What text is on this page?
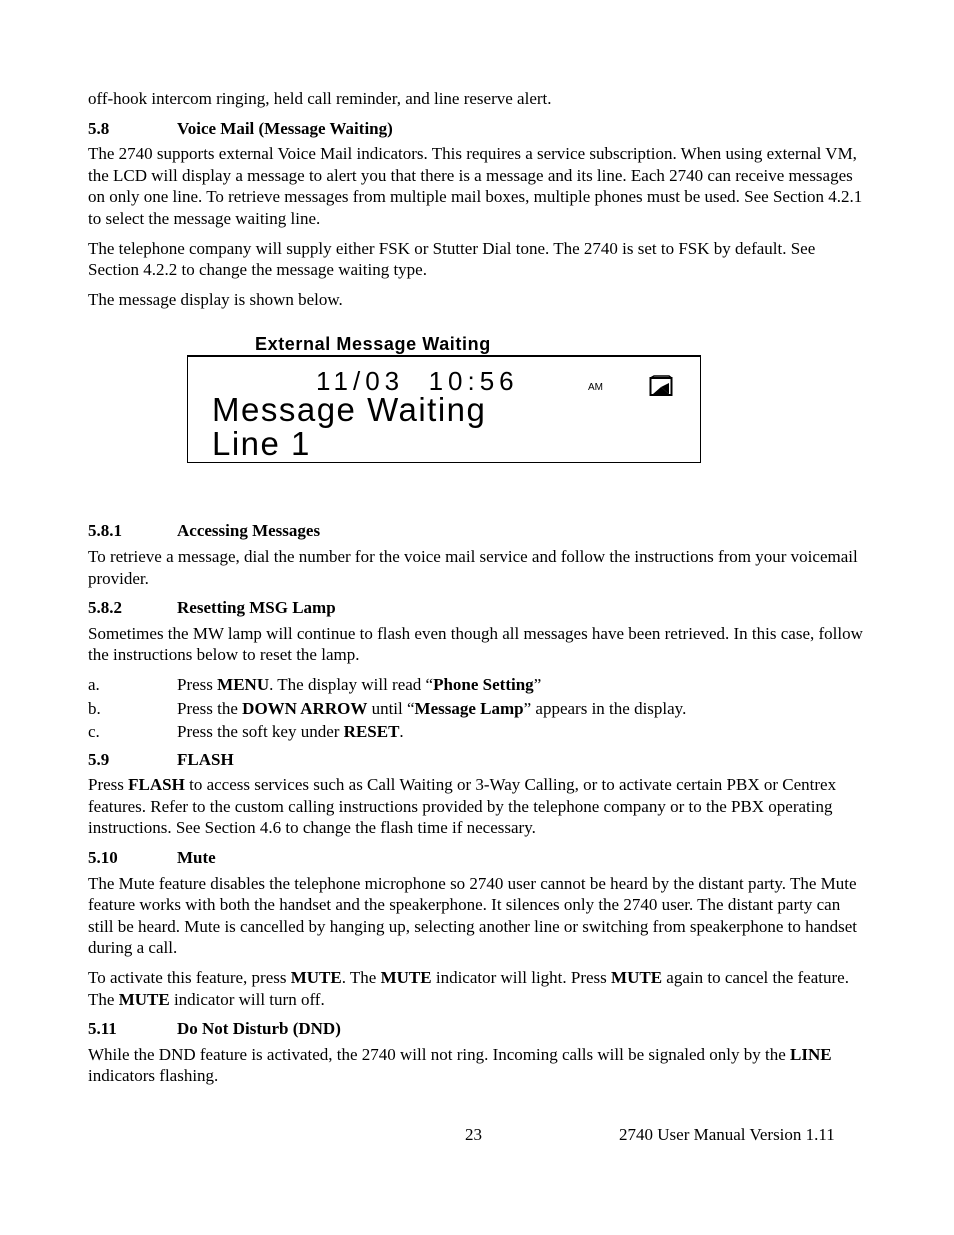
off-hook intercom ringing, held call reminder, and line reserve alert.

5.8	Voice Mail (Message Waiting)

The 2740 supports external Voice Mail indicators. This requires a service subscription. When using external VM, the LCD will display a message to alert you that there is a message and its line. Each 2740 can receive messages on only one line. To retrieve messages from multiple mail boxes, multiple phones must be used. See Section 4.2.1 to select the message waiting line.

The telephone company will supply either FSK or Stutter Dial tone. The 2740 is set to FSK by default. See Section 4.2.2 to change the message waiting type.

The message display is shown below.

External Message Waiting
11/03  10:56	AM
Message Waiting
Line 1
5.8.1	Accessing Messages

To retrieve a message, dial the number for the voice mail service and follow the instructions from your voicemail provider.

5.8.2	Resetting MSG Lamp

Sometimes the MW lamp will continue to flash even though all messages have been retrieved. In this case, follow the instructions below to reset the lamp.

a.	Press MENU. The display will read “Phone Setting”
b.	Press the DOWN ARROW until “Message Lamp” appears in the display.
c.	Press the soft key under RESET.
5.9	FLASH

Press FLASH to access services such as Call Waiting or 3-Way Calling, or to activate certain PBX or Centrex features. Refer to the custom calling instructions provided by the telephone company or to the PBX operating instructions. See Section 4.6 to change the flash time if necessary.

5.10	Mute

The Mute feature disables the telephone microphone so 2740 user cannot be heard by the distant party. The Mute feature works with both the handset and the speakerphone. It silences only the 2740 user. The distant party can still be heard. Mute is cancelled by hanging up, selecting another line or switching from speakerphone to handset during a call.

To activate this feature, press MUTE. The MUTE indicator will light. Press MUTE again to cancel the feature. The MUTE indicator will turn off.

5.11	Do Not Disturb (DND)

While the DND feature is activated, the 2740 will not ring. Incoming calls will be signaled only by the LINE indicators flashing.

23	2740 User Manual Version 1.11
